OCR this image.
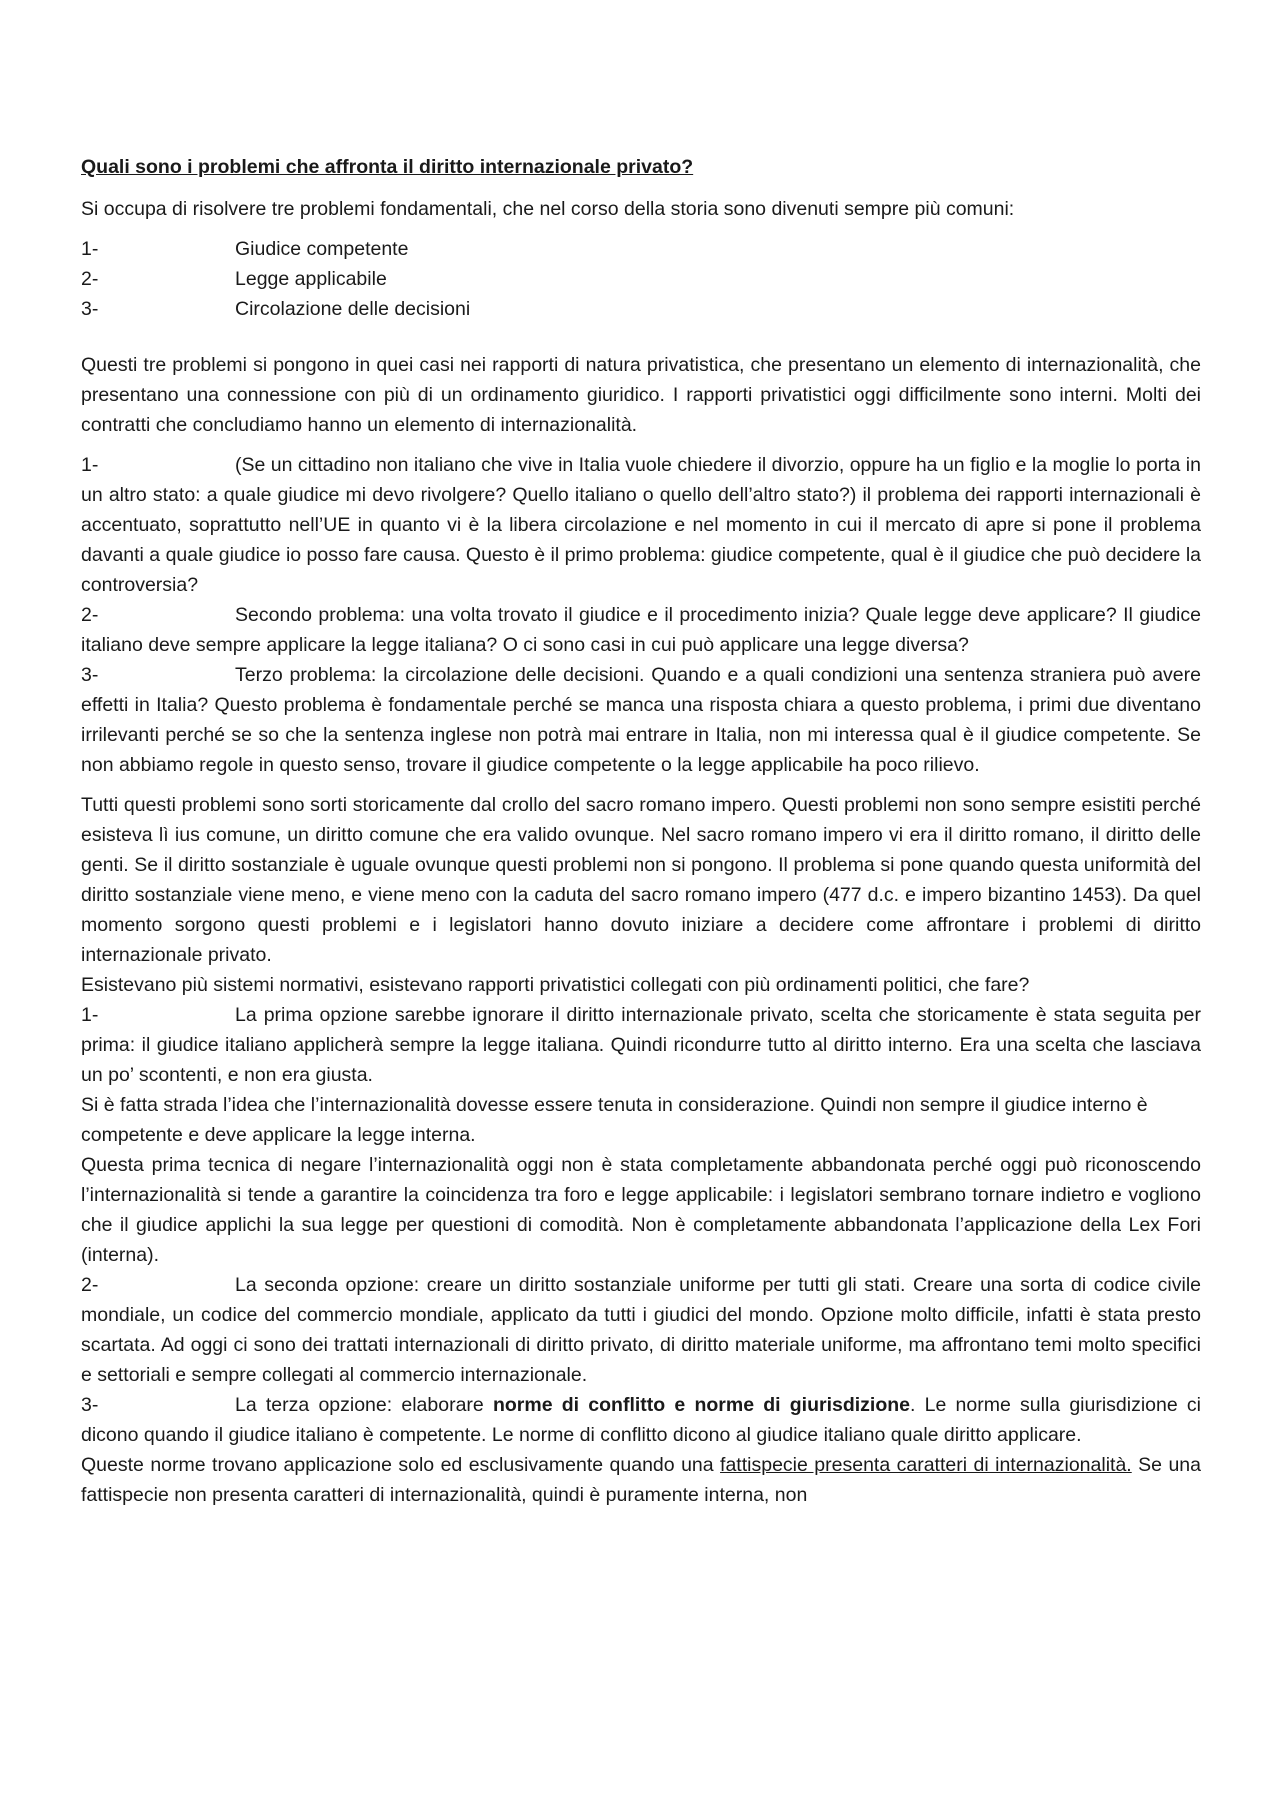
Quali sono i problemi che affronta il diritto internazionale privato?

Si occupa di risolvere tre problemi fondamentali, che nel corso della storia sono divenuti sempre più comuni:

1-	Giudice competente
2-	Legge applicabile
3-	Circolazione delle decisioni

Questi tre problemi si pongono in quei casi nei rapporti di natura privatistica, che presentano un elemento di internazionalità, che presentano una connessione con più di un ordinamento giuridico. I rapporti privatistici oggi difficilmente sono interni. Molti dei contratti che concludiamo hanno un elemento di internazionalità.

1-	(Se un cittadino non italiano che vive in Italia vuole chiedere il divorzio, oppure ha un figlio e la moglie lo porta in un altro stato: a quale giudice mi devo rivolgere? Quello italiano o quello dell’altro stato?) il problema dei rapporti internazionali è accentuato, soprattutto nell’UE in quanto vi è la libera circolazione e nel momento in cui il mercato di apre si pone il problema davanti a quale giudice io posso fare causa. Questo è il primo problema: giudice competente, qual è il giudice che può decidere la controversia?

2-	Secondo problema: una volta trovato il giudice e il procedimento inizia? Quale legge deve applicare? Il giudice italiano deve sempre applicare la legge italiana? O ci sono casi in cui può applicare una legge diversa?

3-	Terzo problema: la circolazione delle decisioni. Quando e a quali condizioni una sentenza straniera può avere effetti in Italia? Questo problema è fondamentale perché se manca una risposta chiara a questo problema, i primi due diventano irrilevanti perché se so che la sentenza inglese non potrà mai entrare in Italia, non mi interessa qual è il giudice competente. Se non abbiamo regole in questo senso, trovare il giudice competente o la legge applicabile ha poco rilievo.

Tutti questi problemi sono sorti storicamente dal crollo del sacro romano impero. Questi problemi non sono sempre esistiti perché esisteva lì ius comune, un diritto comune che era valido ovunque. Nel sacro romano impero vi era il diritto romano, il diritto delle genti. Se il diritto sostanziale è uguale ovunque questi problemi non si pongono. Il problema si pone quando questa uniformità del diritto sostanziale viene meno, e viene meno con la caduta del sacro romano impero (477 d.c. e impero bizantino 1453). Da quel momento sorgono questi problemi e i legislatori hanno dovuto iniziare a decidere come affrontare i problemi di diritto internazionale privato.

Esistevano più sistemi normativi, esistevano rapporti privatistici collegati con più ordinamenti politici, che fare?

1-	La prima opzione sarebbe ignorare il diritto internazionale privato, scelta che storicamente è stata seguita per prima: il giudice italiano applicherà sempre la legge italiana. Quindi ricondurre tutto al diritto interno. Era una scelta che lasciava un po’ scontenti, e non era giusta.

Si è fatta strada l’idea che l’internazionalità dovesse essere tenuta in considerazione. Quindi non sempre il giudice interno è competente e deve applicare la legge interna.

Questa prima tecnica di negare l’internazionalità oggi non è stata completamente abbandonata perché oggi può riconoscendo l’internazionalità si tende a garantire la coincidenza tra foro e legge applicabile: i legislatori sembrano tornare indietro e vogliono che il giudice applichi la sua legge per questioni di comodità. Non è completamente abbandonata l’applicazione della Lex Fori (interna).

2-	La seconda opzione: creare un diritto sostanziale uniforme per tutti gli stati. Creare una sorta di codice civile mondiale, un codice del commercio mondiale, applicato da tutti i giudici del mondo. Opzione molto difficile, infatti è stata presto scartata. Ad oggi ci sono dei trattati internazionali di diritto privato, di diritto materiale uniforme, ma affrontano temi molto specifici e settoriali e sempre collegati al commercio internazionale.

3-	La terza opzione: elaborare norme di conflitto e norme di giurisdizione. Le norme sulla giurisdizione ci dicono quando il giudice italiano è competente. Le norme di conflitto dicono al giudice italiano quale diritto applicare.

Queste norme trovano applicazione solo ed esclusivamente quando una fattispecie presenta caratteri di internazionalità. Se una fattispecie non presenta caratteri di internazionalità, quindi è puramente interna, non
